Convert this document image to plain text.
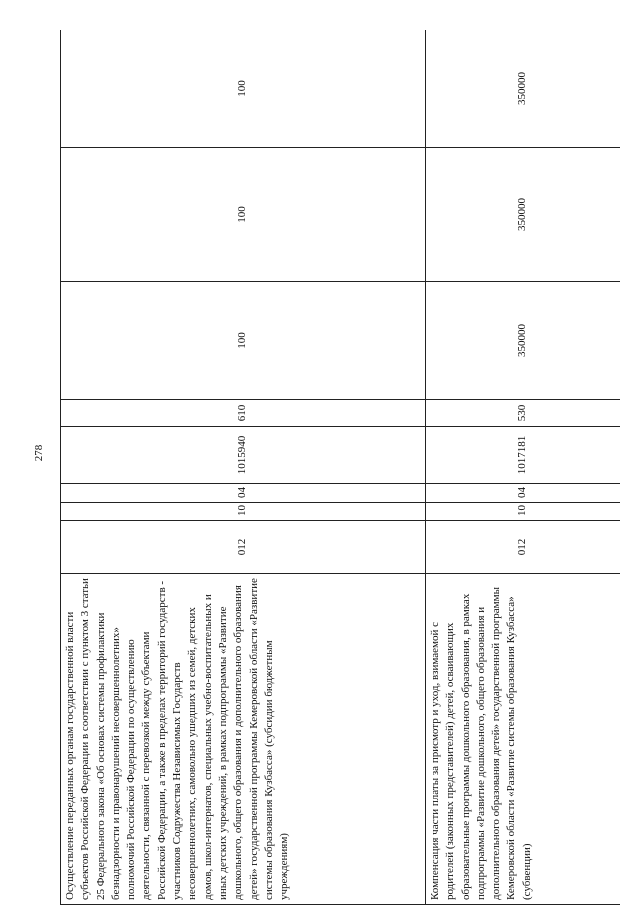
278
Осуществление переданных органам государственной власти субъектов Российской Федерации в соответствии с пунктом 3 статьи 25 Федерального закона «Об основах системы профилактики безнадзорности и правонарушений несовершеннолетних» полномочий Российской Федерации по осуществлению деятельности, связанной с перевозкой между субъектами Российской Федерации, а также в пределах территорий государств - участников Содружества Независимых Государств несовершеннолетних, самовольно ушедших из семей, детских домов, школ-интернатов, специальных учебно-воспитательных и иных детских учреждений, в рамках подпрограммы «Развитие дошкольного, общего образования и дополнительного образования детей» государственной программы Кемеровской области «Развитие системы образования Кузбасса» (субсидии бюджетным учреждениям)	012	10	04	1015940	610	100	100	100
Компенсация части платы за присмотр и уход, взимаемой с родителей (законных представителей) детей, осваивающих образовательные программы дошкольного образования, в рамках подпрограммы «Развитие дошкольного, общего образования и дополнительного образования детей» государственной программы Кемеровской области «Развитие системы образования Кузбасса» (субвенции)	012	10	04	1017181	530	350000	350000	350000
